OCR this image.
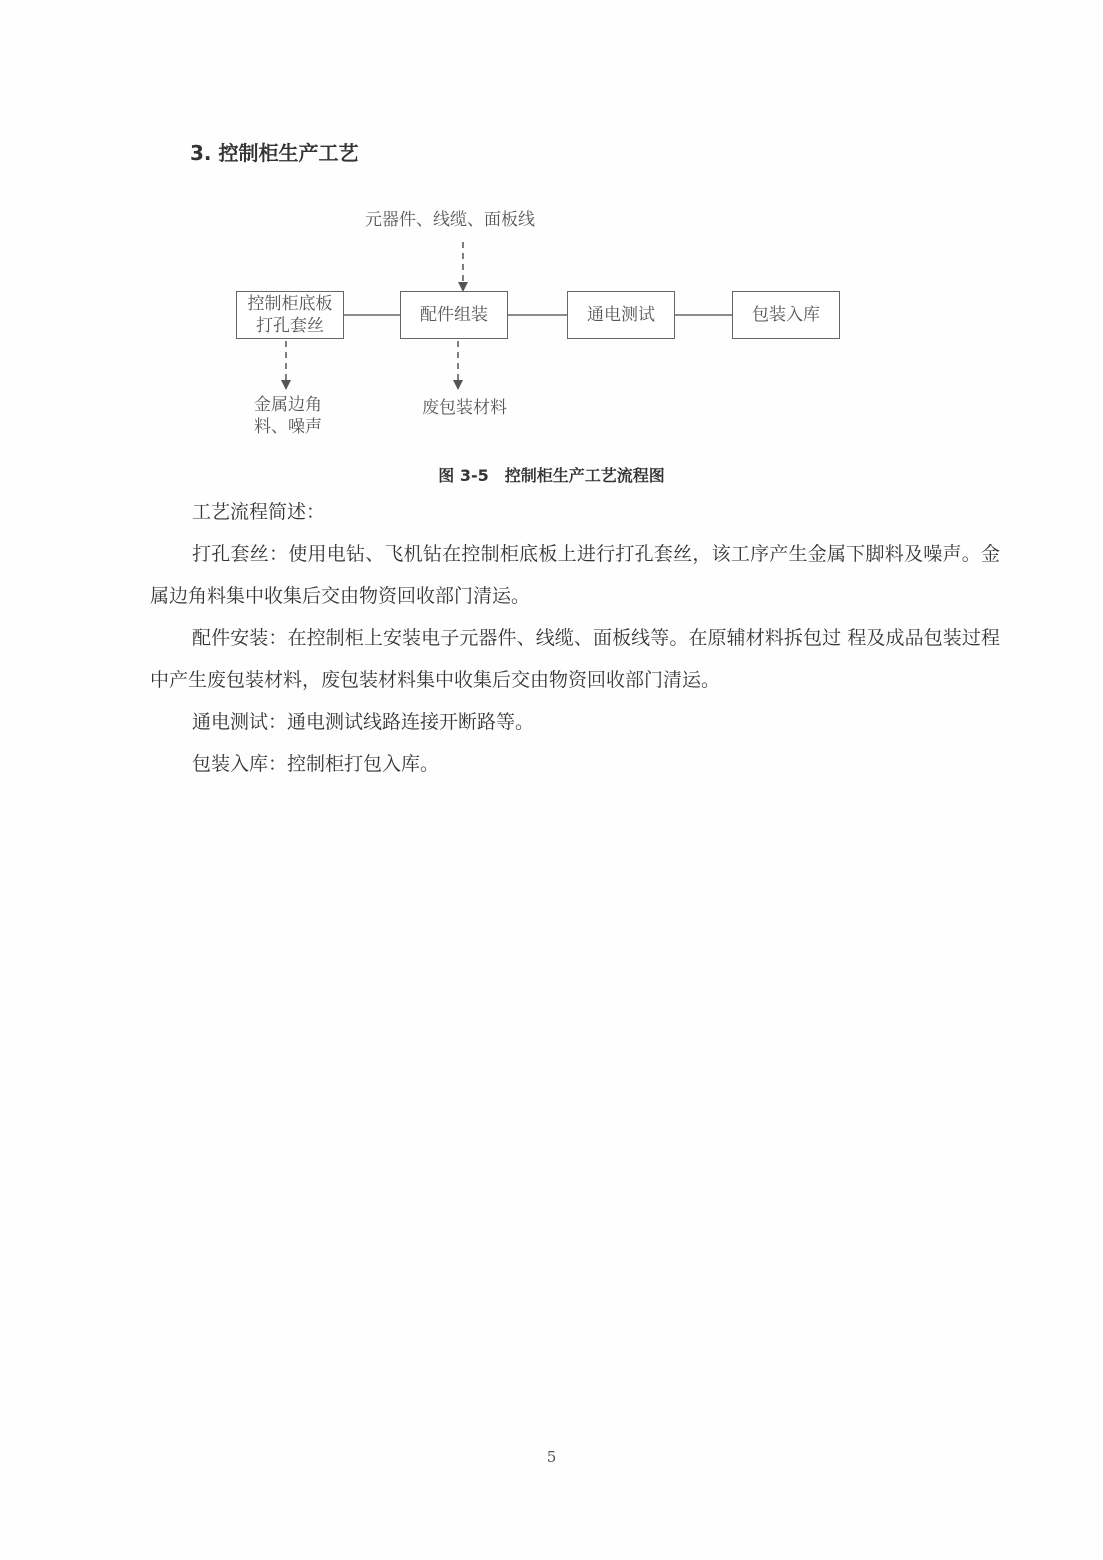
3. 控制柜生产工艺
元器件、线缆、面板线
控制柜底板
打孔套丝
配件组装	通电测试	包装入库
金属边角
料、噪声
废包装材料
图 3-5　控制柜生产工艺流程图

工艺流程简述：

打孔套丝：使用电钻、飞机钻在控制柜底板上进行打孔套丝，该工序产生金属下脚料及噪声。金属边角料集中收集后交由物资回收部门清运。

配件安装：在控制柜上安装电子元器件、线缆、面板线等。在原辅材料拆包过 程及成品包装过程中产生废包装材料，废包装材料集中收集后交由物资回收部门清运。

通电测试：通电测试线路连接开断路等。

包装入库：控制柜打包入库。

5
